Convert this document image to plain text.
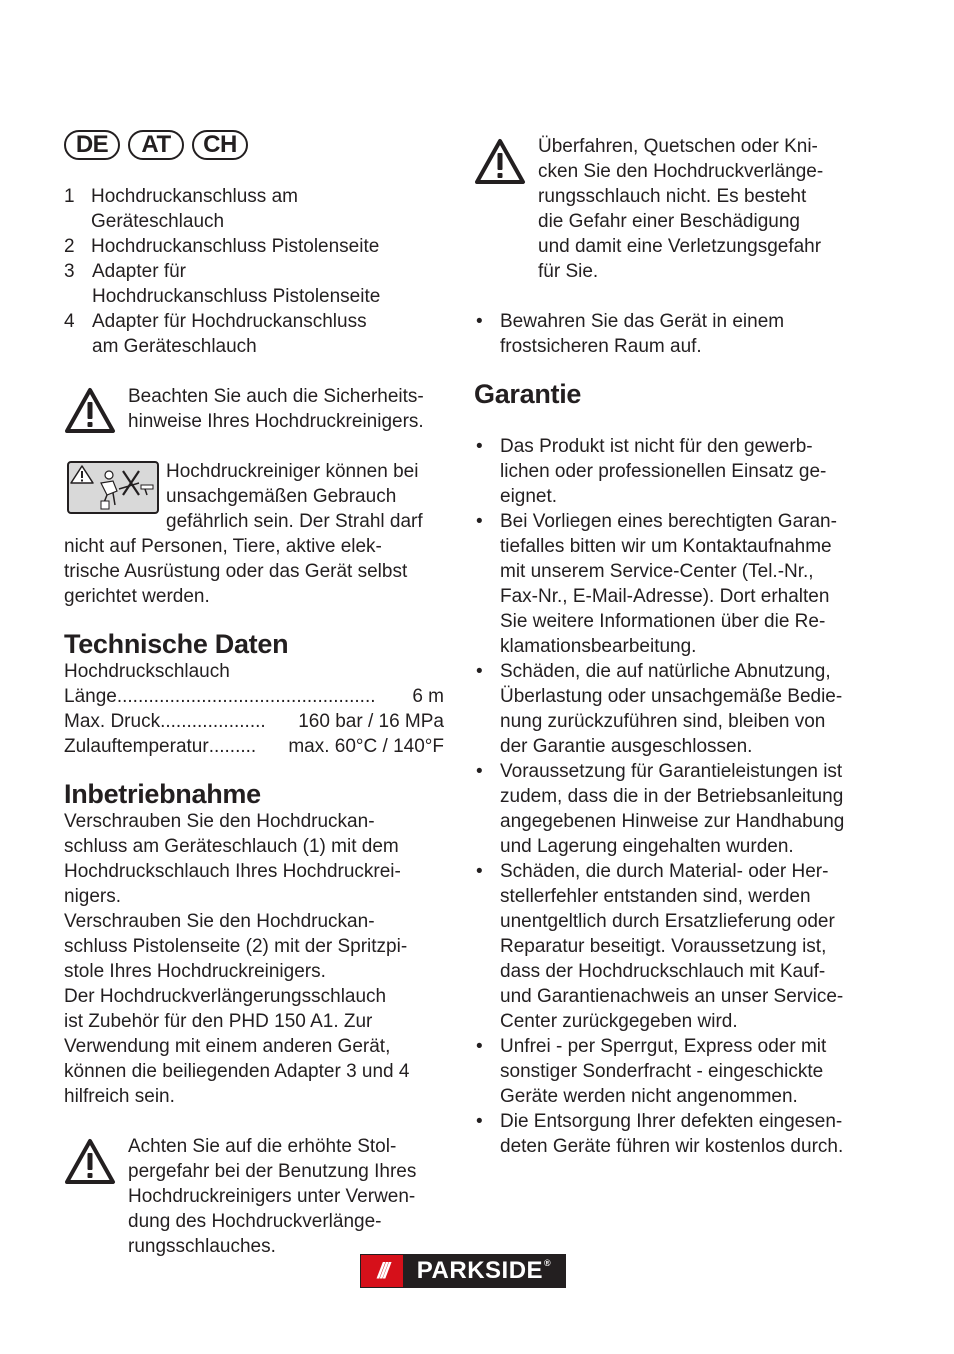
DE	AT	CH
1 Hochdruckanschluss am
Geräteschlauch
2 Hochdruckanschluss Pistolenseite
3 Adapter für
Hochdruckanschluss Pistolenseite
4 Adapter für Hochdruckanschluss
am Geräteschlauch
Beachten Sie auch die Sicherheits-
hinweise Ihres Hochdruckreinigers.
Hochdruckreiniger können bei
unsachgemäßen Gebrauch
gefährlich sein. Der Strahl darf
nicht auf Personen, Tiere, aktive elek-
trische Ausrüstung oder das Gerät selbst
gerichtet werden.
Technische Daten
Hochdruckschlauch
Länge .................................................	6 m
Max. Druck ....................	160 bar / 16 MPa
Zulauftemperatur .........	max. 60°C / 140°F
Inbetriebnahme
Verschrauben Sie den Hochdruckan-
schluss am Geräteschlauch (1) mit dem
Hochdruckschlauch Ihres Hochdruckrei-
nigers.
Verschrauben Sie den Hochdruckan-
schluss Pistolenseite (2) mit der Spritzpi-
stole Ihres Hochdruckreinigers.
Der Hochdruckverlängerungsschlauch
ist Zubehör für den PHD 150 A1. Zur
Verwendung mit einem anderen Gerät,
können die beiliegenden Adapter 3 und 4
hilfreich sein.
Achten Sie auf die erhöhte Stol-
pergefahr bei der Benutzung Ihres
Hochdruckreinigers unter Verwen-
dung des Hochdruckverlänge-
rungsschlauches.
Überfahren, Quetschen oder Kni-
cken Sie den Hochdruckverlänge-
rungsschlauch nicht. Es besteht
die Gefahr einer Beschädigung
und damit eine Verletzungsgefahr
für Sie.
• Bewahren Sie das Gerät in einem
frostsicheren Raum auf.
Garantie
• Das Produkt ist nicht für den gewerb-
lichen oder professionellen Einsatz ge-
eignet.
• Bei Vorliegen eines berechtigten Garan-
tiefalles bitten wir um Kontaktaufnahme
mit unserem Service-Center (Tel.-Nr.,
Fax-Nr., E-Mail-Adresse). Dort erhalten
Sie weitere Informationen über die Re-
klamationsbearbeitung.
• Schäden, die auf natürliche Abnutzung,
Überlastung oder unsachgemäße Bedie-
nung zurückzuführen sind, bleiben von
der Garantie ausgeschlossen.
• Voraussetzung für Garantieleistungen ist
zudem, dass die in der Betriebsanleitung
angegebenen Hinweise zur Handhabung
und Lagerung eingehalten wurden.
• Schäden, die durch Material- oder Her-
stellerfehler entstanden sind, werden
unentgeltlich durch Ersatzlieferung oder
Reparatur beseitigt. Voraussetzung ist,
dass der Hochdruckschlauch mit Kauf-
und Garantienachweis an unser Service-
Center zurückgegeben wird.
• Unfrei - per Sperrgut, Express oder mit
sonstiger Sonderfracht - eingeschickte
Geräte werden nicht angenommen.
• Die Entsorgung Ihrer defekten eingesen-
deten Geräte führen wir kostenlos durch.
///	PARKSIDE ®
